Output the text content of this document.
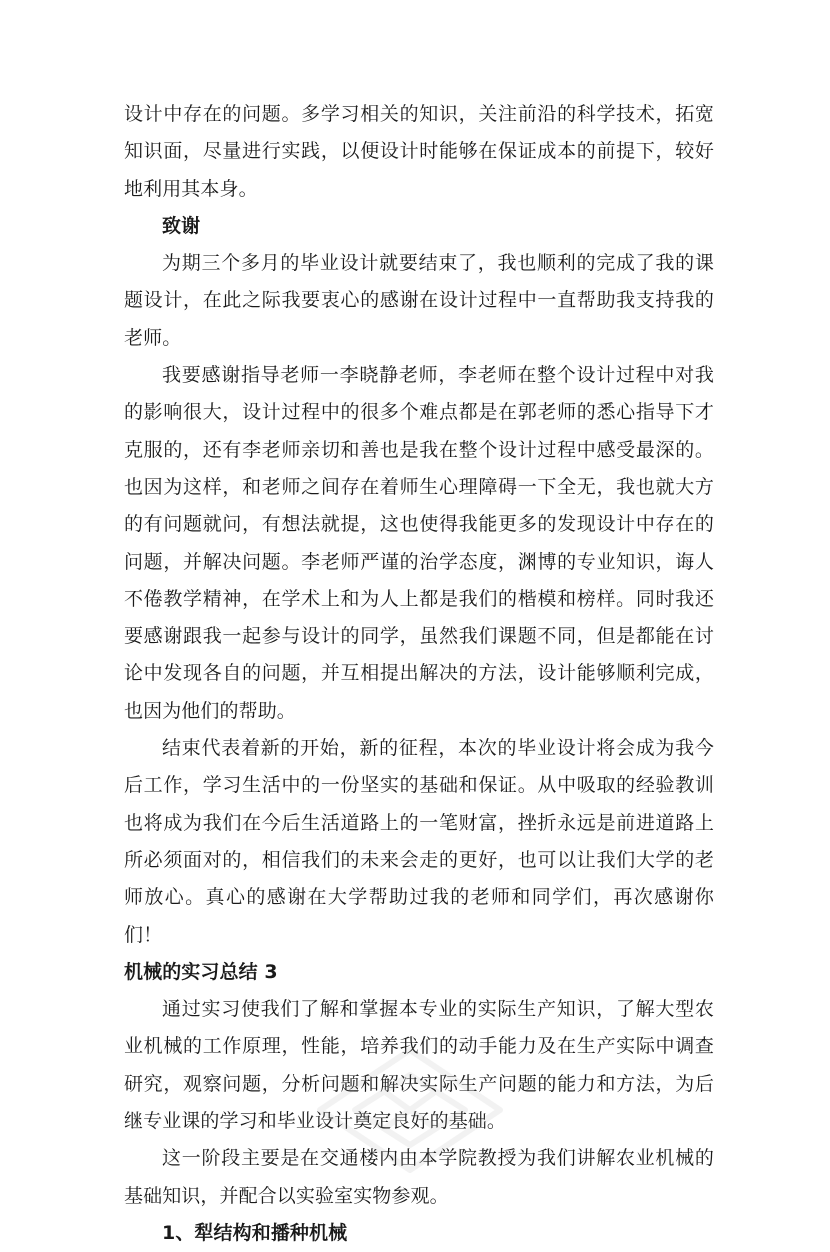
设计中存在的问题。多学习相关的知识，关注前沿的科学技术，拓宽知识面，尽量进行实践，以便设计时能够在保证成本的前提下，较好地利用其本身。

致谢

为期三个多月的毕业设计就要结束了，我也顺利的完成了我的课题设计，在此之际我要衷心的感谢在设计过程中一直帮助我支持我的老师。

我要感谢指导老师一李晓静老师，李老师在整个设计过程中对我的影响很大，设计过程中的很多个难点都是在郭老师的悉心指导下才克服的，还有李老师亲切和善也是我在整个设计过程中感受最深的。也因为这样，和老师之间存在着师生心理障碍一下全无，我也就大方的有问题就问，有想法就提，这也使得我能更多的发现设计中存在的问题，并解决问题。李老师严谨的治学态度，渊博的专业知识，诲人不倦教学精神，在学术上和为人上都是我们的楷模和榜样。同时我还要感谢跟我一起参与设计的同学，虽然我们课题不同，但是都能在讨论中发现各自的问题，并互相提出解决的方法，设计能够顺利完成，也因为他们的帮助。

结束代表着新的开始，新的征程，本次的毕业设计将会成为我今后工作，学习生活中的一份坚实的基础和保证。从中吸取的经验教训也将成为我们在今后生活道路上的一笔财富，挫折永远是前进道路上所必须面对的，相信我们的未来会走的更好，也可以让我们大学的老师放心。真心的感谢在大学帮助过我的老师和同学们，再次感谢你们！

机械的实习总结 3

通过实习使我们了解和掌握本专业的实际生产知识，了解大型农业机械的工作原理，性能，培养我们的动手能力及在生产实际中调查研究，观察问题，分析问题和解决实际生产问题的能力和方法，为后继专业课的学习和毕业设计奠定良好的基础。

这一阶段主要是在交通楼内由本学院教授为我们讲解农业机械的基础知识，并配合以实验室实物参观。

1、犁结构和播种机械
